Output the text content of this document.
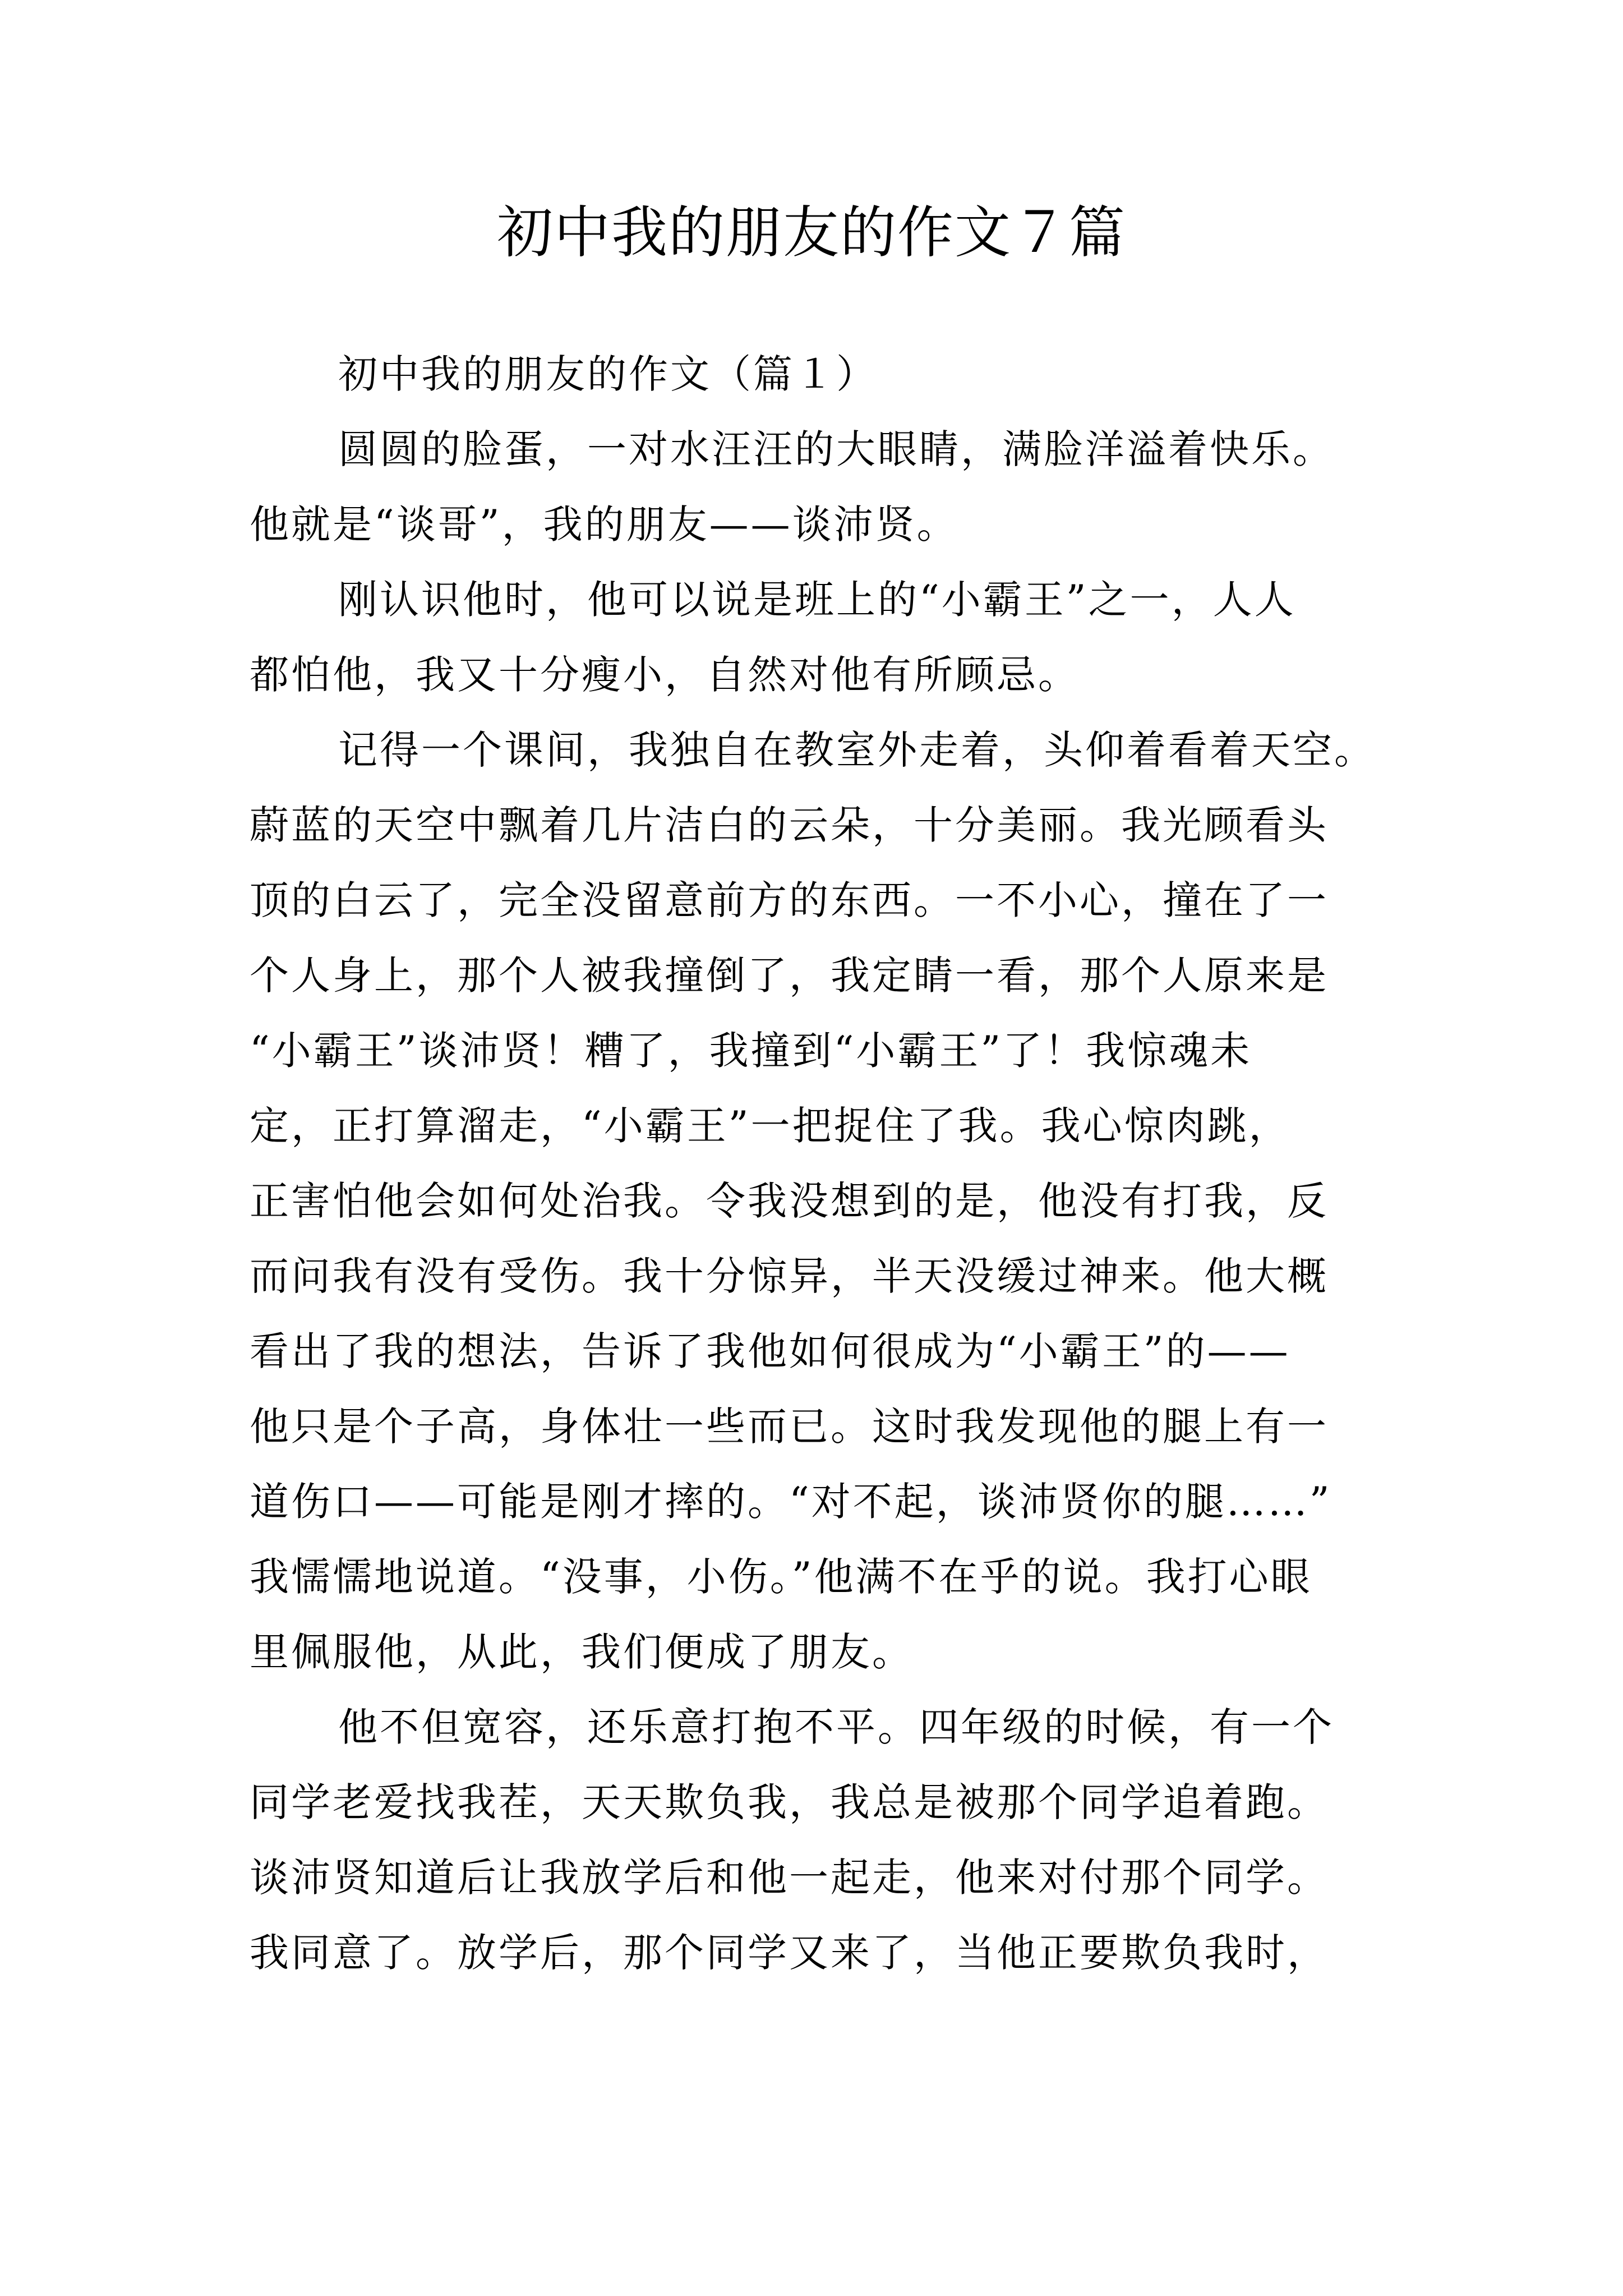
初中我的朋友的作文７篇
初中我的朋友的作文（篇１）
圆圆的脸蛋，一对水汪汪的大眼睛，满脸洋溢着快乐。
他就是“谈哥”，我的朋友——谈沛贤。
刚认识他时，他可以说是班上的“小霸王”之一，人人
都怕他，我又十分瘦小，自然对他有所顾忌。
记得一个课间，我独自在教室外走着，头仰着看着天空。
蔚蓝的天空中飘着几片洁白的云朵，十分美丽。我光顾看头
顶的白云了，完全没留意前方的东西。一不小心，撞在了一
个人身上，那个人被我撞倒了，我定睛一看，那个人原来是
“小霸王”谈沛贤！糟了，我撞到“小霸王”了！我惊魂未
定，正打算溜走，“小霸王”一把捉住了我。我心惊肉跳，
正害怕他会如何处治我。令我没想到的是，他没有打我，反
而问我有没有受伤。我十分惊异，半天没缓过神来。他大概
看出了我的想法，告诉了我他如何很成为“小霸王”的——
他只是个子高，身体壮一些而已。这时我发现他的腿上有一
道伤口——可能是刚才摔的。“对不起，谈沛贤你的腿……”
我懦懦地说道。“没事，小伤。”他满不在乎的说。我打心眼
里佩服他，从此，我们便成了朋友。
他不但宽容，还乐意打抱不平。四年级的时候，有一个
同学老爱找我茬，天天欺负我，我总是被那个同学追着跑。
谈沛贤知道后让我放学后和他一起走，他来对付那个同学。
我同意了。放学后，那个同学又来了，当他正要欺负我时，
